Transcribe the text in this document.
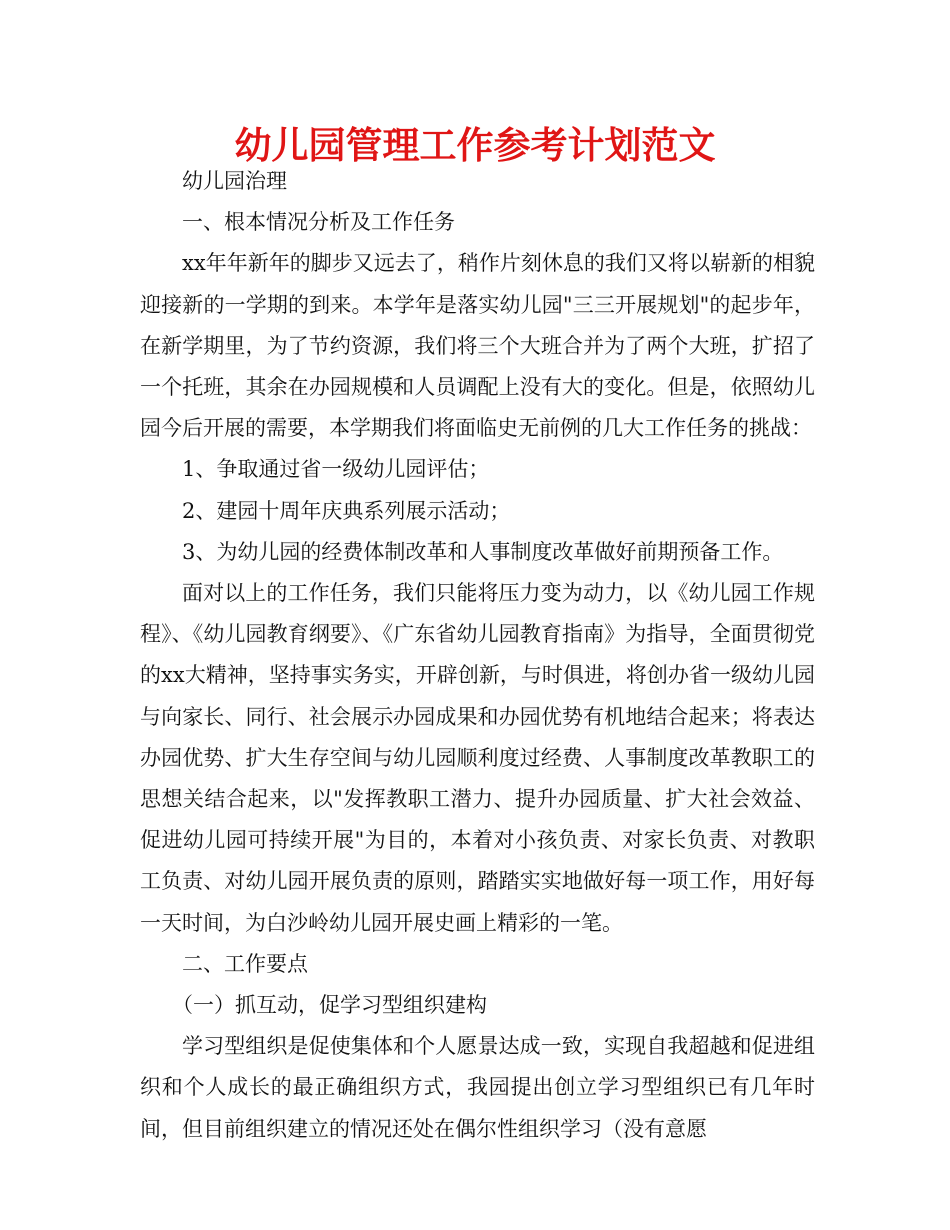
幼儿园管理工作参考计划范文

幼儿园治理

一、根本情况分析及工作任务

xx年年新年的脚步又远去了，稍作片刻休息的我们又将以崭新的相貌迎接新的一学期的到来。本学年是落实幼儿园"三三开展规划"的起步年，在新学期里，为了节约资源，我们将三个大班合并为了两个大班，扩招了一个托班，其余在办园规模和人员调配上没有大的变化。但是，依照幼儿园今后开展的需要，本学期我们将面临史无前例的几大工作任务的挑战：

1、争取通过省一级幼儿园评估；

2、建园十周年庆典系列展示活动；

3、为幼儿园的经费体制改革和人事制度改革做好前期预备工作。

面对以上的工作任务，我们只能将压力变为动力，以《幼儿园工作规程》、《幼儿园教育纲要》、《广东省幼儿园教育指南》为指导，全面贯彻党的xx大精神，坚持事实务实，开辟创新，与时俱进，将创办省一级幼儿园与向家长、同行、社会展示办园成果和办园优势有机地结合起来；将表达办园优势、扩大生存空间与幼儿园顺利度过经费、人事制度改革教职工的思想关结合起来，以"发挥教职工潜力、提升办园质量、扩大社会效益、促进幼儿园可持续开展"为目的，本着对小孩负责、对家长负责、对教职工负责、对幼儿园开展负责的原则，踏踏实实地做好每一项工作，用好每一天时间，为白沙岭幼儿园开展史画上精彩的一笔。

二、工作要点

（一）抓互动，促学习型组织建构

学习型组织是促使集体和个人愿景达成一致，实现自我超越和促进组织和个人成长的最正确组织方式，我园提出创立学习型组织已有几年时间，但目前组织建立的情况还处在偶尔性组织学习（没有意愿
